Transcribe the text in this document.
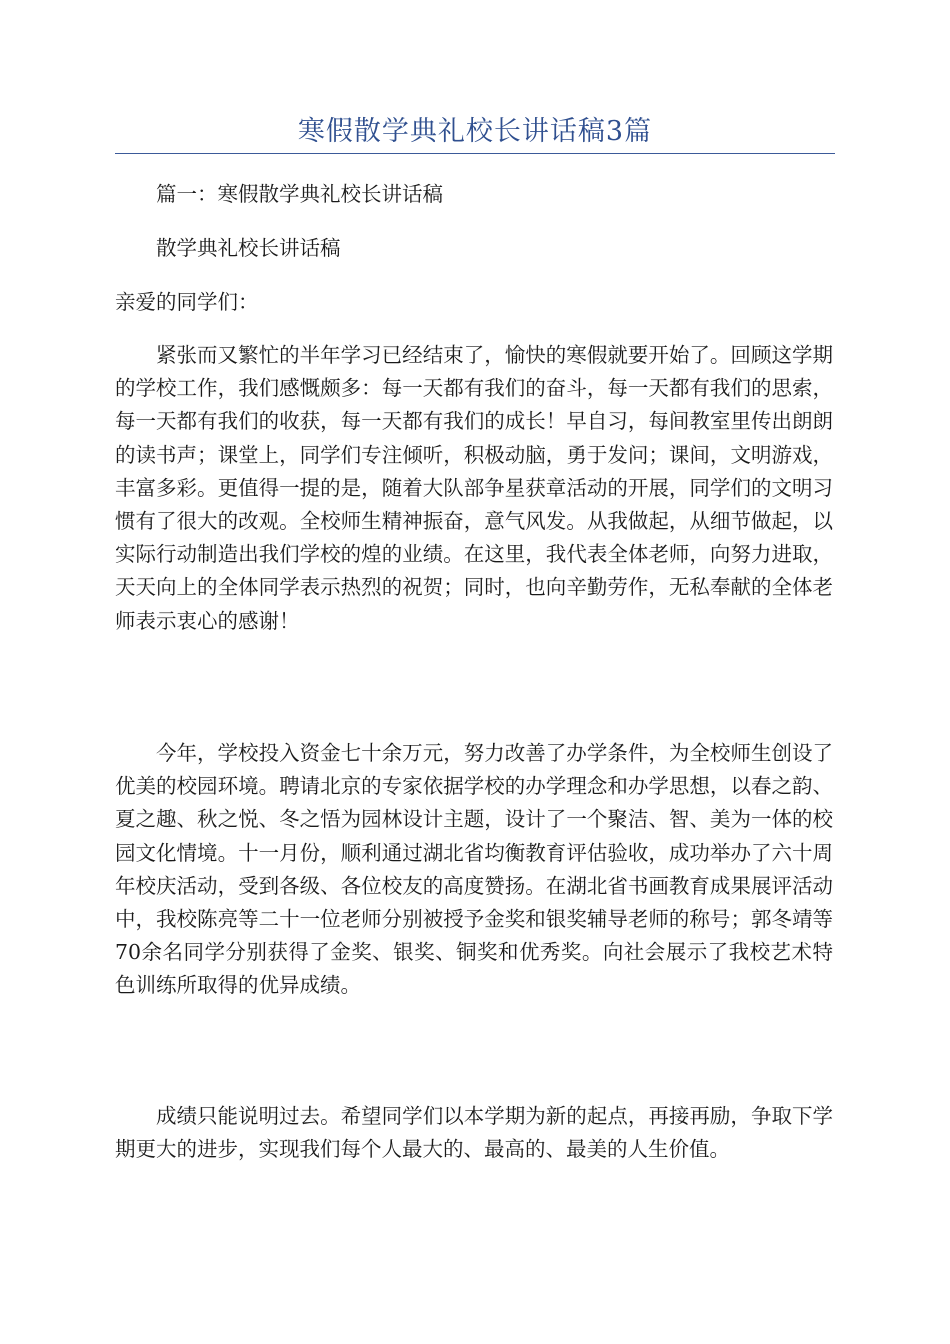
寒假散学典礼校长讲话稿3篇
篇一：寒假散学典礼校长讲话稿
散学典礼校长讲话稿
亲爱的同学们：
紧张而又繁忙的半年学习已经结束了，愉快的寒假就要开始了。回顾这学期的学校工作，我们感慨颇多：每一天都有我们的奋斗，每一天都有我们的思索，每一天都有我们的收获，每一天都有我们的成长！早自习，每间教室里传出朗朗的读书声；课堂上，同学们专注倾听，积极动脑，勇于发问；课间，文明游戏，丰富多彩。更值得一提的是，随着大队部争星获章活动的开展，同学们的文明习惯有了很大的改观。全校师生精神振奋，意气风发。从我做起，从细节做起，以实际行动制造出我们学校的煌的业绩。在这里，我代表全体老师，向努力进取，天天向上的全体同学表示热烈的祝贺；同时，也向辛勤劳作，无私奉献的全体老师表示衷心的感谢！
今年，学校投入资金七十余万元，努力改善了办学条件，为全校师生创设了优美的校园环境。聘请北京的专家依据学校的办学理念和办学思想，以春之韵、夏之趣、秋之悦、冬之悟为园林设计主题，设计了一个聚洁、智、美为一体的校园文化情境。十一月份，顺利通过湖北省均衡教育评估验收，成功举办了六十周年校庆活动，受到各级、各位校友的高度赞扬。在湖北省书画教育成果展评活动中，我校陈亮等二十一位老师分别被授予金奖和银奖辅导老师的称号；郭冬靖等70余名同学分别获得了金奖、银奖、铜奖和优秀奖。向社会展示了我校艺术特色训练所取得的优异成绩。
成绩只能说明过去。希望同学们以本学期为新的起点，再接再励，争取下学期更大的进步，实现我们每个人最大的、最高的、最美的人生价值。
